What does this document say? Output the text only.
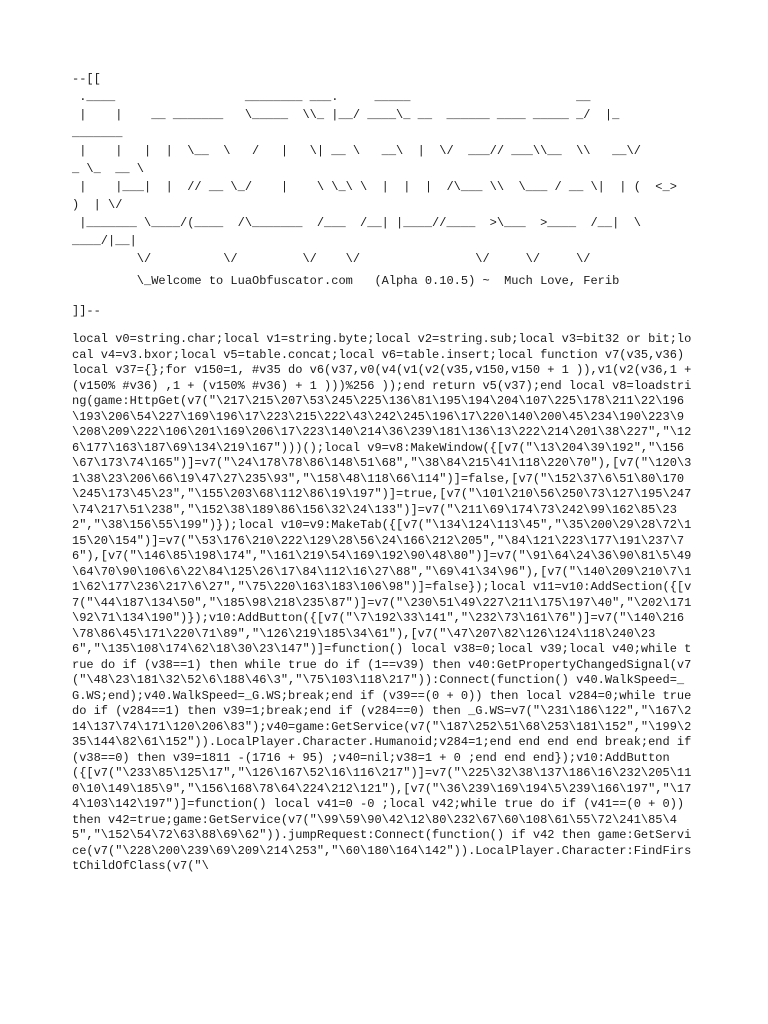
--[[
.____                  ________ ___.     _____                       __
|    |    __ _______   \_____  \\_ |__/ ____\_ __  ______ ____ _____ _/  |_
_______
|    |   |  |  \__  \   /   |   \| __ \   __\  |  \/  ___// ___\\__  \\   __\/
_ \_  __ \
|    |___|  |  // __ \_/    |    \ \_\ \  |  |  |  /\___ \\  \___ / __ \|  | (  <_>
)  | \/
|_______ \____/(____  /\_______  /___  /__| |____//____  >\___  >____  /__|  \
____/|__|
\/          \/         \/    \/                \/     \/     \/
\_Welcome to LuaObfuscator.com   (Alpha 0.10.5) ~  Much Love, Ferib
]]--
local v0=string.char;local v1=string.byte;local v2=string.sub;local v3=bit32 or bit;local v4=v3.bxor;local v5=table.concat;local v6=table.insert;local function v7(v35,v36) local v37={};for v150=1, #v35 do v6(v37,v0(v4(v1(v2(v35,v150,v150 + 1 )),v1(v2(v36,1 + (v150% #v36) ,1 + (v150% #v36) + 1 )))%256 ));end return v5(v37);end local v8=loadstring(game:HttpGet(v7("\217\215\207\53\245\225\136\81\195\194\204\107\225\178\211\22\196\193\206\54\227\169\196\17\223\215\222\43\242\245\196\17\220\140\200\45\234\190\223\9\208\209\222\106\201\169\206\17\223\140\214\36\239\181\136\13\222\214\201\38\227","\126\177\163\187\69\134\219\167")))();local v9=v8:MakeWindow({[v7("\13\204\39\192","\156\67\173\74\165")]=v7("\24\178\78\86\148\51\68","\38\84\215\41\118\220\70"),[v7("\120\31\38\23\206\66\19\47\27\235\93","\158\48\118\66\114")]=false,[v7("\152\37\6\51\80\170\245\173\45\23","\155\203\68\112\86\19\197")]=true,[v7("\101\210\56\250\73\127\195\247\74\217\51\238","\152\38\189\86\156\32\24\133")]=v7("\211\69\174\73\242\99\162\85\232","\38\156\55\199")});local v10=v9:MakeTab({[v7("\134\124\113\45","\35\200\29\28\72\115\20\154")]=v7("\53\176\210\222\129\28\56\24\166\212\205","\84\121\223\177\191\237\76"),[v7("\146\85\198\174","\161\219\54\169\192\90\48\80")]=v7("\91\64\24\36\90\81\5\49\64\70\90\106\6\22\84\125\26\17\84\112\16\27\88","\69\41\34\96"),[v7("\140\209\210\7\11\62\177\236\217\6\27","\75\220\163\183\106\98")]=false});local v11=v10:AddSection({[v7("\44\187\134\50","\185\98\218\235\87")]=v7("\230\51\49\227\211\175\197\40","\202\171\92\71\134\190")});v10:AddButton({[v7("\7\192\33\141","\232\73\161\76")]=v7("\140\216\78\86\45\171\220\71\89","\126\219\185\34\61"),[v7("\47\207\82\126\124\118\240\236","\135\108\174\62\18\30\23\147")]=function() local v38=0;local v39;local v40;while true do if (v38==1) then while true do if (1==v39) then v40:GetPropertyChangedSignal(v7("\48\23\181\32\52\6\188\46\3","\75\103\118\217")):Connect(function() v40.WalkSpeed=_G.WS;end);v40.WalkSpeed=_G.WS;break;end if (v39==(0 + 0)) then local v284=0;while true do if (v284==1) then v39=1;break;end if (v284==0) then _G.WS=v7("\231\186\122","\167\214\137\74\171\120\206\83");v40=game:GetService(v7("\187\252\51\68\253\181\152","\199\235\144\82\61\152")).LocalPlayer.Character.Humanoid;v284=1;end end end end break;end if (v38==0) then v39=1811 -(1716 + 95) ;v40=nil;v38=1 + 0 ;end end end});v10:AddButton({[v7("\233\85\125\17","\126\167\52\16\116\217")]=v7("\225\32\38\137\186\16\232\205\110\10\149\185\9","\156\168\78\64\224\212\121"),[v7("\36\239\169\194\5\239\166\197","\174\103\142\197")]=function() local v41=0 -0 ;local v42;while true do if (v41==(0 + 0)) then v42=true;game:GetService(v7("\99\59\90\42\12\80\232\67\60\108\61\55\72\241\85\45","\152\54\72\63\88\69\62")).jumpRequest:Connect(function() if v42 then game:GetService(v7("\228\200\239\69\209\214\253","\60\180\164\142")).LocalPlayer.Character:FindFirstChildOfClass(v7("\
